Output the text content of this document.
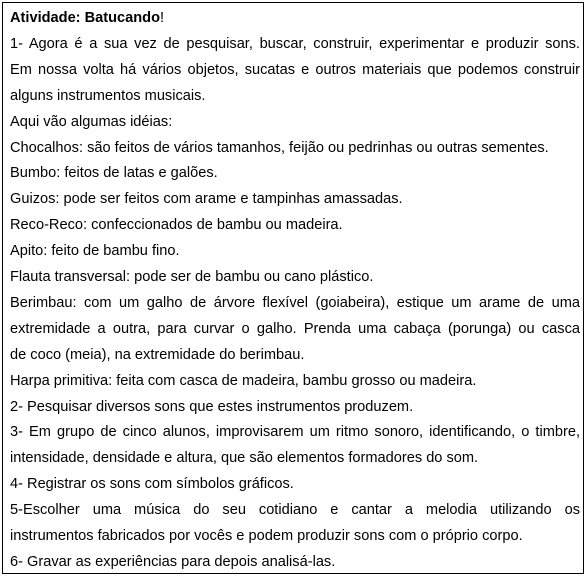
Atividade: Batucando!
1- Agora é a sua vez de pesquisar, buscar, construir, experimentar e produzir sons.
Em nossa volta há vários objetos, sucatas e outros materiais que podemos construir
alguns instrumentos musicais.
Aqui vão algumas idéias:
Chocalhos: são feitos de vários tamanhos, feijão ou pedrinhas ou outras sementes.
Bumbo: feitos de latas e galões.
Guizos: pode ser feitos com arame e tampinhas amassadas.
Reco-Reco: confeccionados de bambu ou madeira.
Apito: feito de bambu fino.
Flauta transversal: pode ser de bambu ou cano plástico.
Berimbau: com um galho de árvore flexível (goiabeira), estique um arame de uma
extremidade a outra, para curvar o galho. Prenda uma cabaça (porunga) ou casca
de coco (meia), na extremidade do berimbau.
Harpa primitiva: feita com casca de madeira, bambu grosso ou madeira.
2- Pesquisar diversos sons que estes instrumentos produzem.
3- Em grupo de cinco alunos, improvisarem um ritmo sonoro, identificando, o timbre,
intensidade, densidade e altura, que são elementos formadores do som.
4- Registrar os sons com símbolos gráficos.
5-Escolher uma música do seu cotidiano e cantar a melodia utilizando os
instrumentos fabricados por vocês e podem produzir sons com o próprio corpo.
6- Gravar as experiências para depois analisá-las.
